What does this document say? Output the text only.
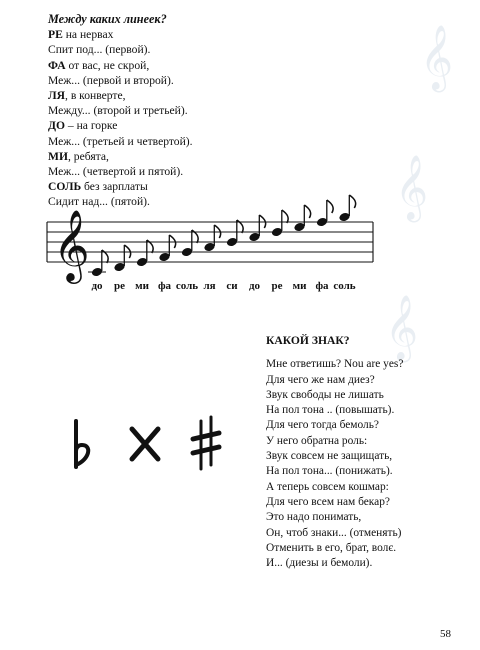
𝄞
𝄞
𝄞
Между каких линеек?
РЕ на нервах
Спит под... (первой).
ФА от вас, не скрой,
Меж... (первой и второй).
ЛЯ, в конверте,
Между... (второй и третьей).
ДО – на горке
Меж... (третьей и четвертой).
МИ, ребята,
Меж... (четвертой и пятой).
СОЛЬ без зарплаты
Сидит над... (пятой).
𝄞
до ре ми фа соль ля си до ре ми фа соль
КАКОЙ ЗНАК?
Мне ответишь? Nou are yes?
Для чего же нам диез?
Звук свободы не лишать
На пол тона .. (повышать).
Для чего тогда бемоль?
У него обратна роль:
Звук совсем не защищать,
На пол тона... (понижать).
А теперь совсем кошмар:
Для чего всем нам бекар?
Это надо понимать,
Он, чтоб знаки... (отменять)
Отменить в его, брат, волє.
И... (диезы и бемоли).
58
